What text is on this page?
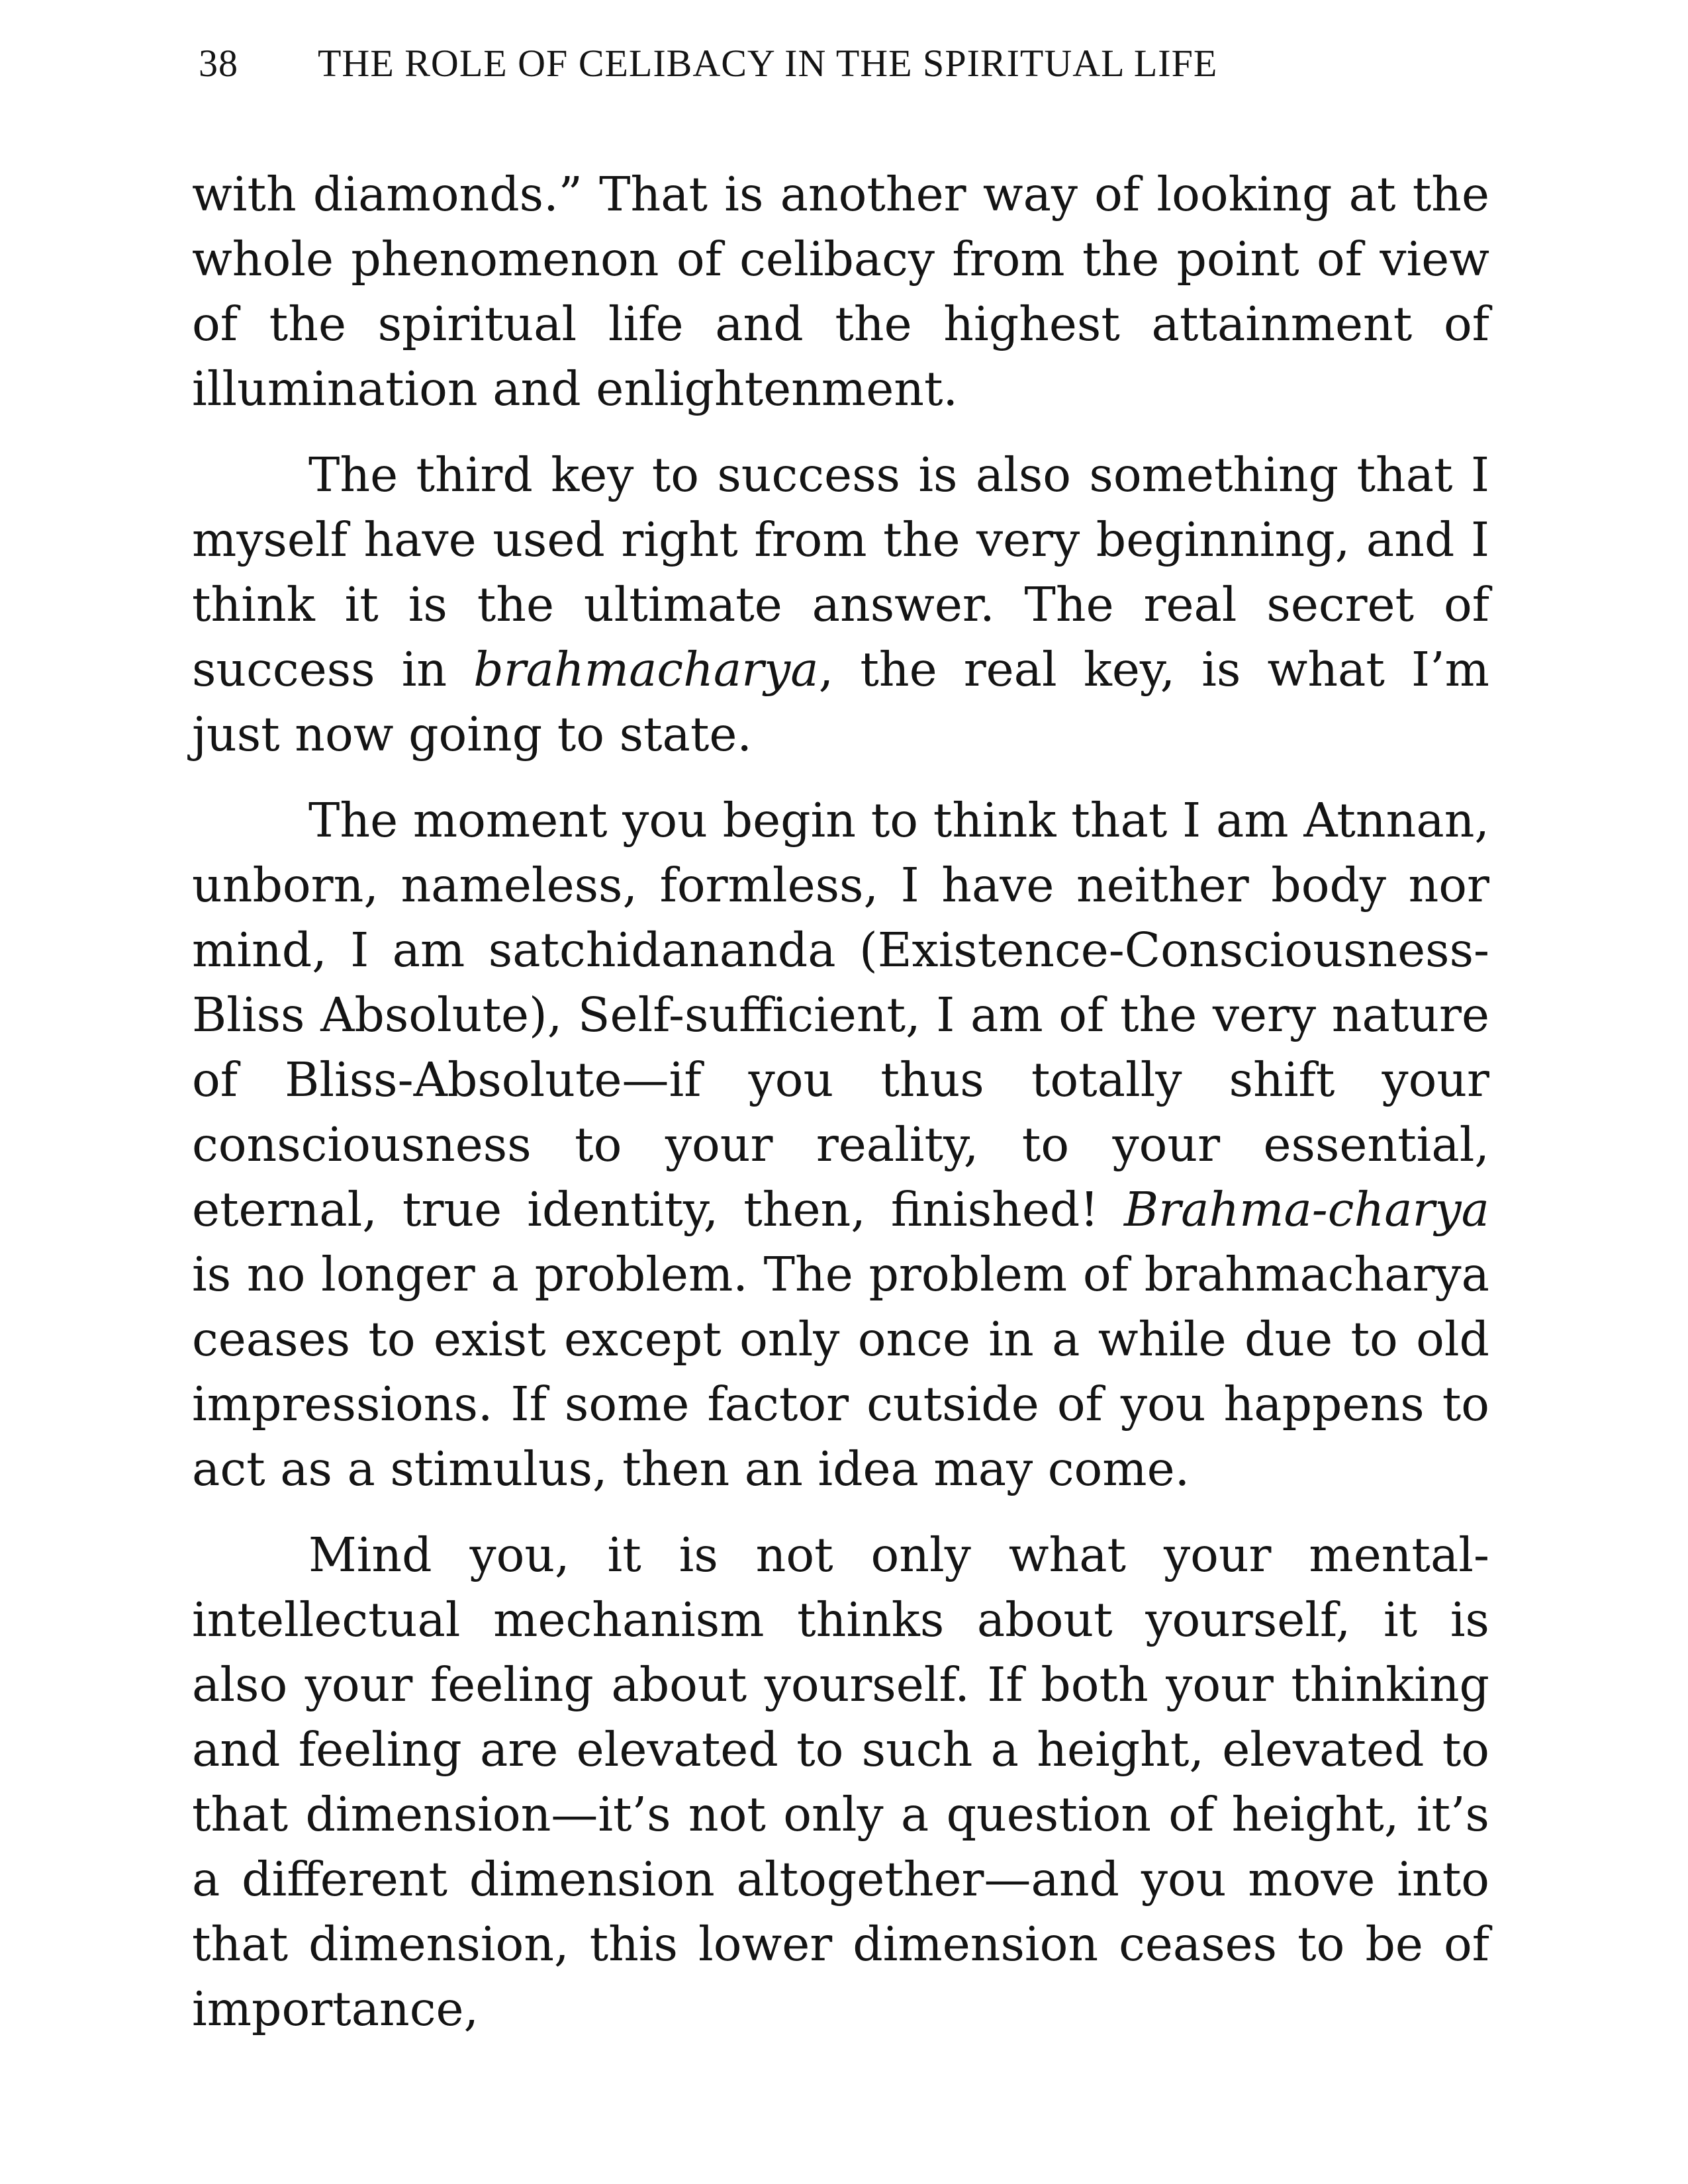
38 THE ROLE OF CELIBACY IN THE SPIRITUAL LIFE

with diamonds.” That is another way of looking at the whole phenomenon of celibacy from the point of view of the spiritual life and the highest attainment of illumination and enlightenment.

The third key to success is also something that I myself have used right from the very beginning, and I think it is the ultimate answer. The real secret of success in brahmacharya, the real key, is what I’m just now going to state.

The moment you begin to think that I am Atnnan, unborn, nameless, formless, I have neither body nor mind, I am satchidananda (Existence-Consciousness-Bliss Absolute), Self-sufficient, I am of the very nature of Bliss-Absolute—if you thus totally shift your consciousness to your reality, to your essential, eternal, true identity, then, finished! Brahma-charya is no longer a problem. The problem of brahmacharya ceases to exist except only once in a while due to old impressions. If some factor cutside of you happens to act as a stimulus, then an idea may come.

Mind you, it is not only what your mental-intellectual mechanism thinks about yourself, it is also your feeling about yourself. If both your thinking and feeling are elevated to such a height, elevated to that dimension—it’s not only a question of height, it’s a different dimension altogether—and you move into that dimension, this lower dimension ceases to be of importance,
